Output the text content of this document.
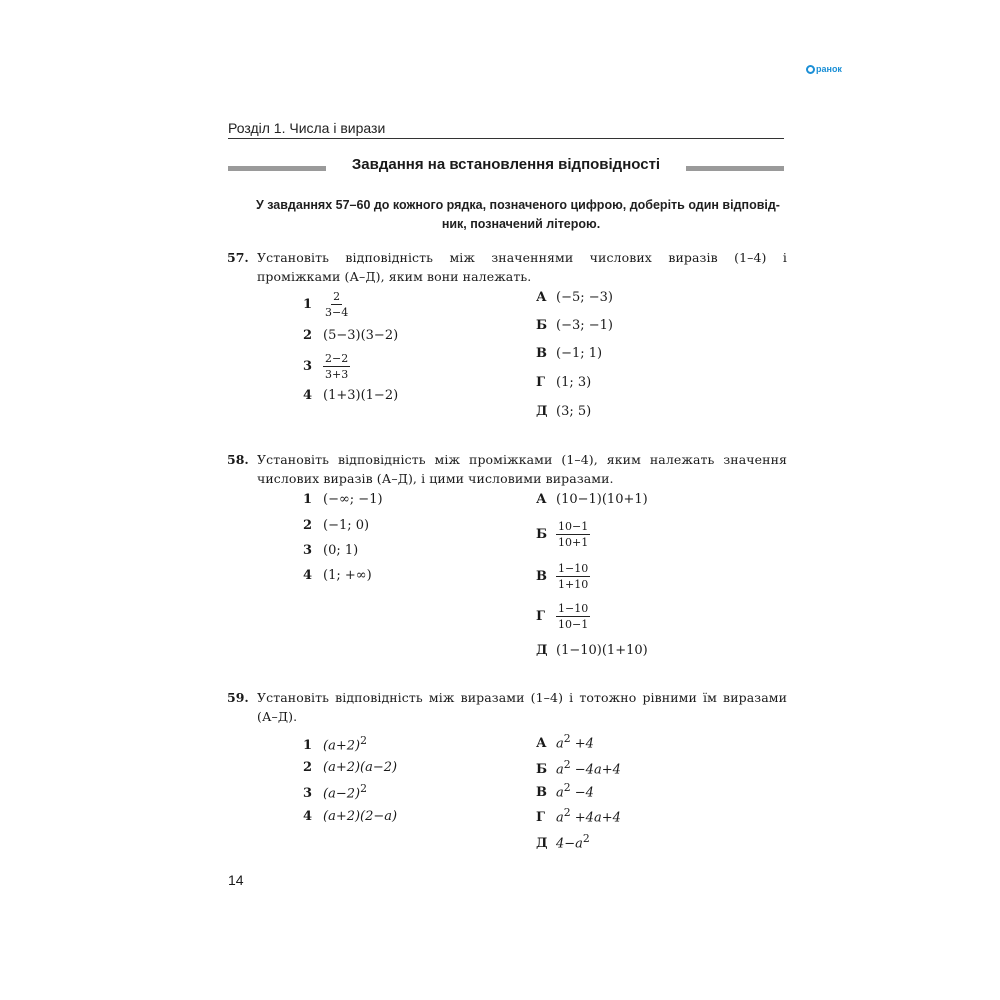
ранок
Розділ 1. Числа і вирази
Завдання на встановлення відповідності
У завданнях 57–60 до кожного рядка, позначеного цифрою, доберіть один відповід-
ник, позначений літерою.
57. Установіть відповідність між значеннями числових виразів (1–4) і проміжками (А–Д), яким вони належать.
$1 \frac{2}{3-4}$
2 (5−3)(3−2)
$3 \frac{2-2}{3+3}$
4 (1+3)(1−2)
А (−5; −3)
Б (−3; −1)
В (−1; 1)
Г (1; 3)
Д (3; 5)
58. Установіть відповідність між проміжками (1–4), яким належать значення числових виразів (А–Д), і цими числовими виразами.
1 (−∞; −1)
2 (−1; 0)
3 (0; 1)
4 (1; +∞)
А (10−1)(10+1)
Б $\frac{10-1}{10+1}$
В $\frac{1-10}{1+10}$
Г $\frac{1-10}{10-1}$
Д (1−10)(1+10)
59. Установіть відповідність між виразами (1–4) і тотожно рівними їм виразами (А–Д).
1 $(a+2)^2$
2 (a+2)(a−2)
3 $(a-2)^2$
4 (a+2)(2−a)
А $a^2 +4$
Б $a^2 -4a+4$
В $a^2 -4$
Г $a^2 +4a+4$
Д $4-a^2$
14
